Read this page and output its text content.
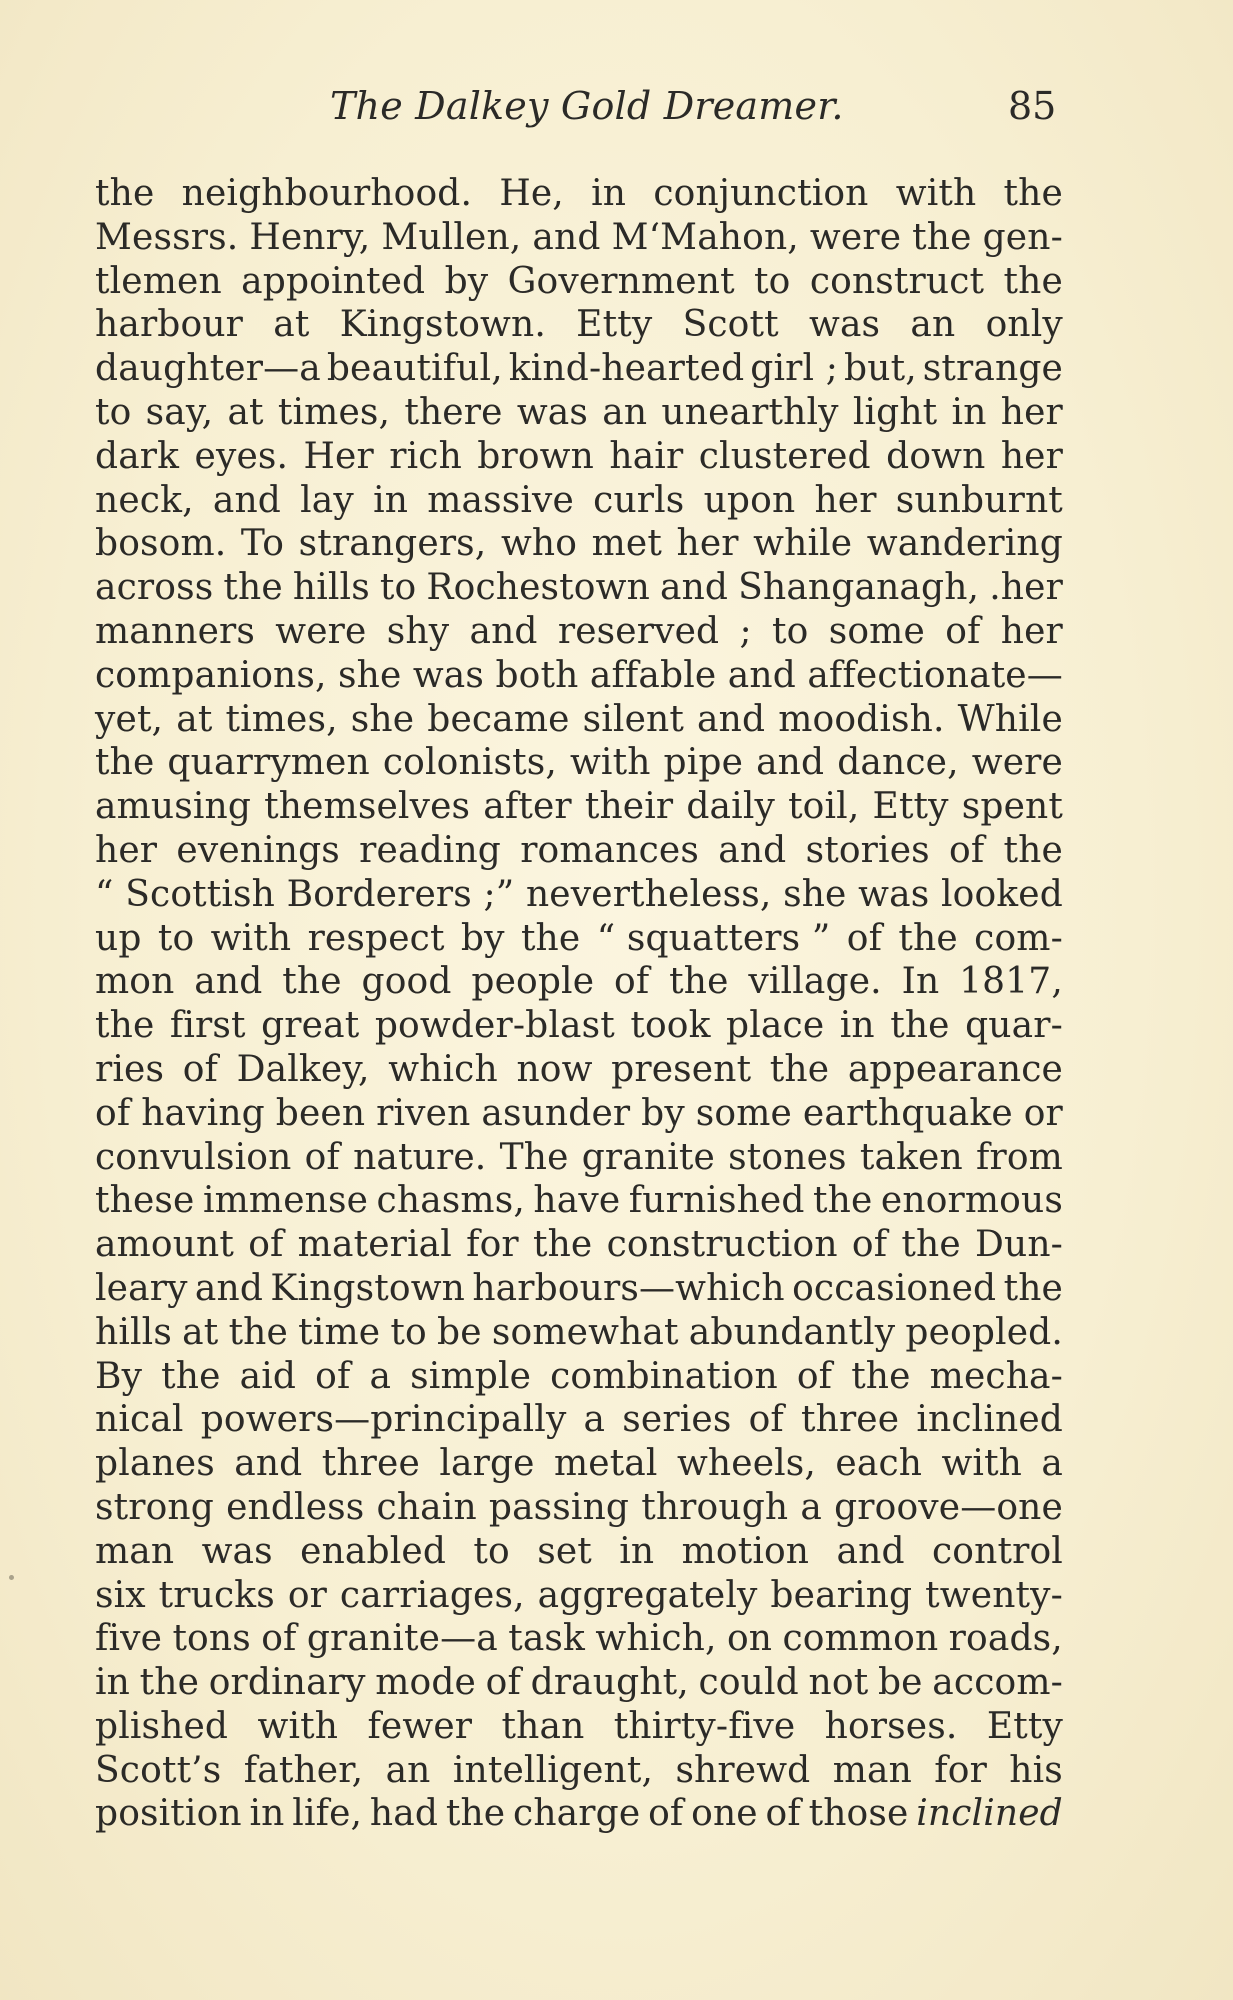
The Dalkey Gold Dreamer.	85
the neighbourhood. He, in conjunction with the
Messrs. Henry, Mullen, and M‘Mahon, were the gen-
tlemen appointed by Government to construct the
harbour at Kingstown. Etty Scott was an only
daughter—a beautiful, kind-hearted girl ; but, strange
to say, at times, there was an unearthly light in her
dark eyes. Her rich brown hair clustered down her
neck, and lay in massive curls upon her sunburnt
bosom. To strangers, who met her while wandering
across the hills to Rochestown and Shanganagh, .her
manners were shy and reserved ; to some of her
companions, she was both affable and affectionate—
yet, at times, she became silent and moodish. While
the quarrymen colonists, with pipe and dance, were
amusing themselves after their daily toil, Etty spent
her evenings reading romances and stories of the
“ Scottish Borderers ;” nevertheless, she was looked
up to with respect by the “ squatters ” of the com-
mon and the good people of the village. In 1817,
the first great powder-blast took place in the quar-
ries of Dalkey, which now present the appearance
of having been riven asunder by some earthquake or
convulsion of nature. The granite stones taken from
these immense chasms, have furnished the enormous
amount of material for the construction of the Dun-
leary and Kingstown harbours—which occasioned the
hills at the time to be somewhat abundantly peopled.
By the aid of a simple combination of the mecha-
nical powers—principally a series of three inclined
planes and three large metal wheels, each with a
strong endless chain passing through a groove—one
man was enabled to set in motion and control
six trucks or carriages, aggregately bearing twenty-
five tons of granite—a task which, on common roads,
in the ordinary mode of draught, could not be accom-
plished with fewer than thirty-five horses. Etty
Scott’s father, an intelligent, shrewd man for his
position in life, had the charge of one of those inclined
